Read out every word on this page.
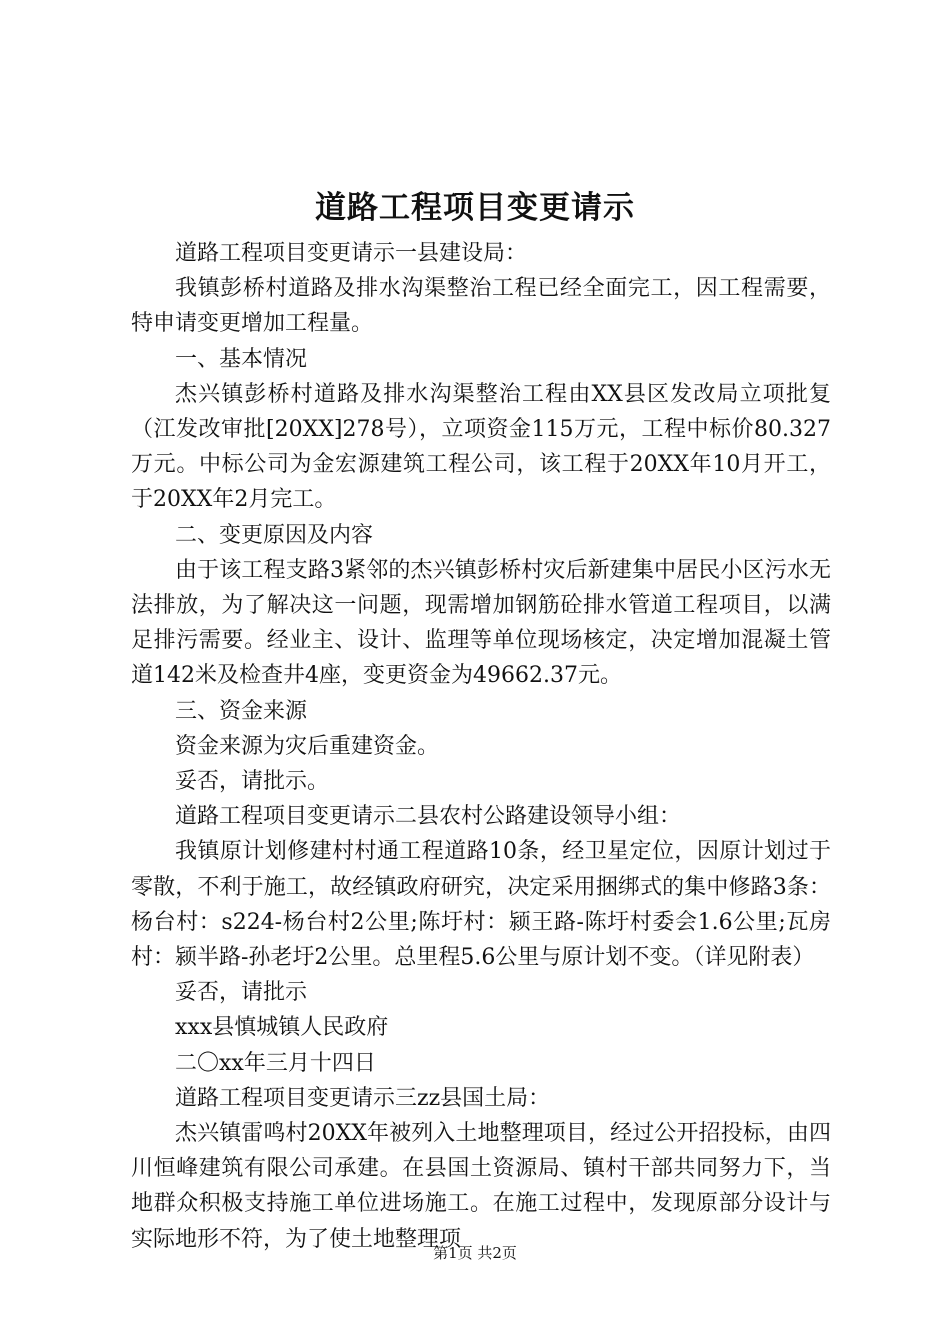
道路工程项目变更请示

道路工程项目变更请示一县建设局：

我镇彭桥村道路及排水沟渠整治工程已经全面完工，因工程需要，特申请变更增加工程量。

一、基本情况

杰兴镇彭桥村道路及排水沟渠整治工程由XX县区发改局立项批复（江发改审批[20XX]278号），立项资金115万元，工程中标价80.327万元。中标公司为金宏源建筑工程公司，该工程于20XX年10月开工，于20XX年2月完工。

二、变更原因及内容

由于该工程支路3紧邻的杰兴镇彭桥村灾后新建集中居民小区污水无法排放，为了解决这一问题，现需增加钢筋砼排水管道工程项目，以满足排污需要。经业主、设计、监理等单位现场核定，决定增加混凝土管道142米及检查井4座，变更资金为49662.37元。

三、资金来源

资金来源为灾后重建资金。

妥否，请批示。

道路工程项目变更请示二县农村公路建设领导小组：

我镇原计划修建村村通工程道路10条，经卫星定位，因原计划过于零散，不利于施工，故经镇政府研究，决定采用捆绑式的集中修路3条：杨台村：s224-杨台村2公里;陈圩村：颍王路-陈圩村委会1.6公里;瓦房村：颍半路-孙老圩2公里。总里程5.6公里与原计划不变。（详见附表）

妥否，请批示

xxx县慎城镇人民政府

二〇xx年三月十四日

道路工程项目变更请示三zz县国土局：

杰兴镇雷鸣村20XX年被列入土地整理项目，经过公开招投标，由四川恒峰建筑有限公司承建。在县国土资源局、镇村干部共同努力下，当地群众积极支持施工单位进场施工。在施工过程中，发现原部分设计与实际地形不符，为了使土地整理项

第1页 共2页
